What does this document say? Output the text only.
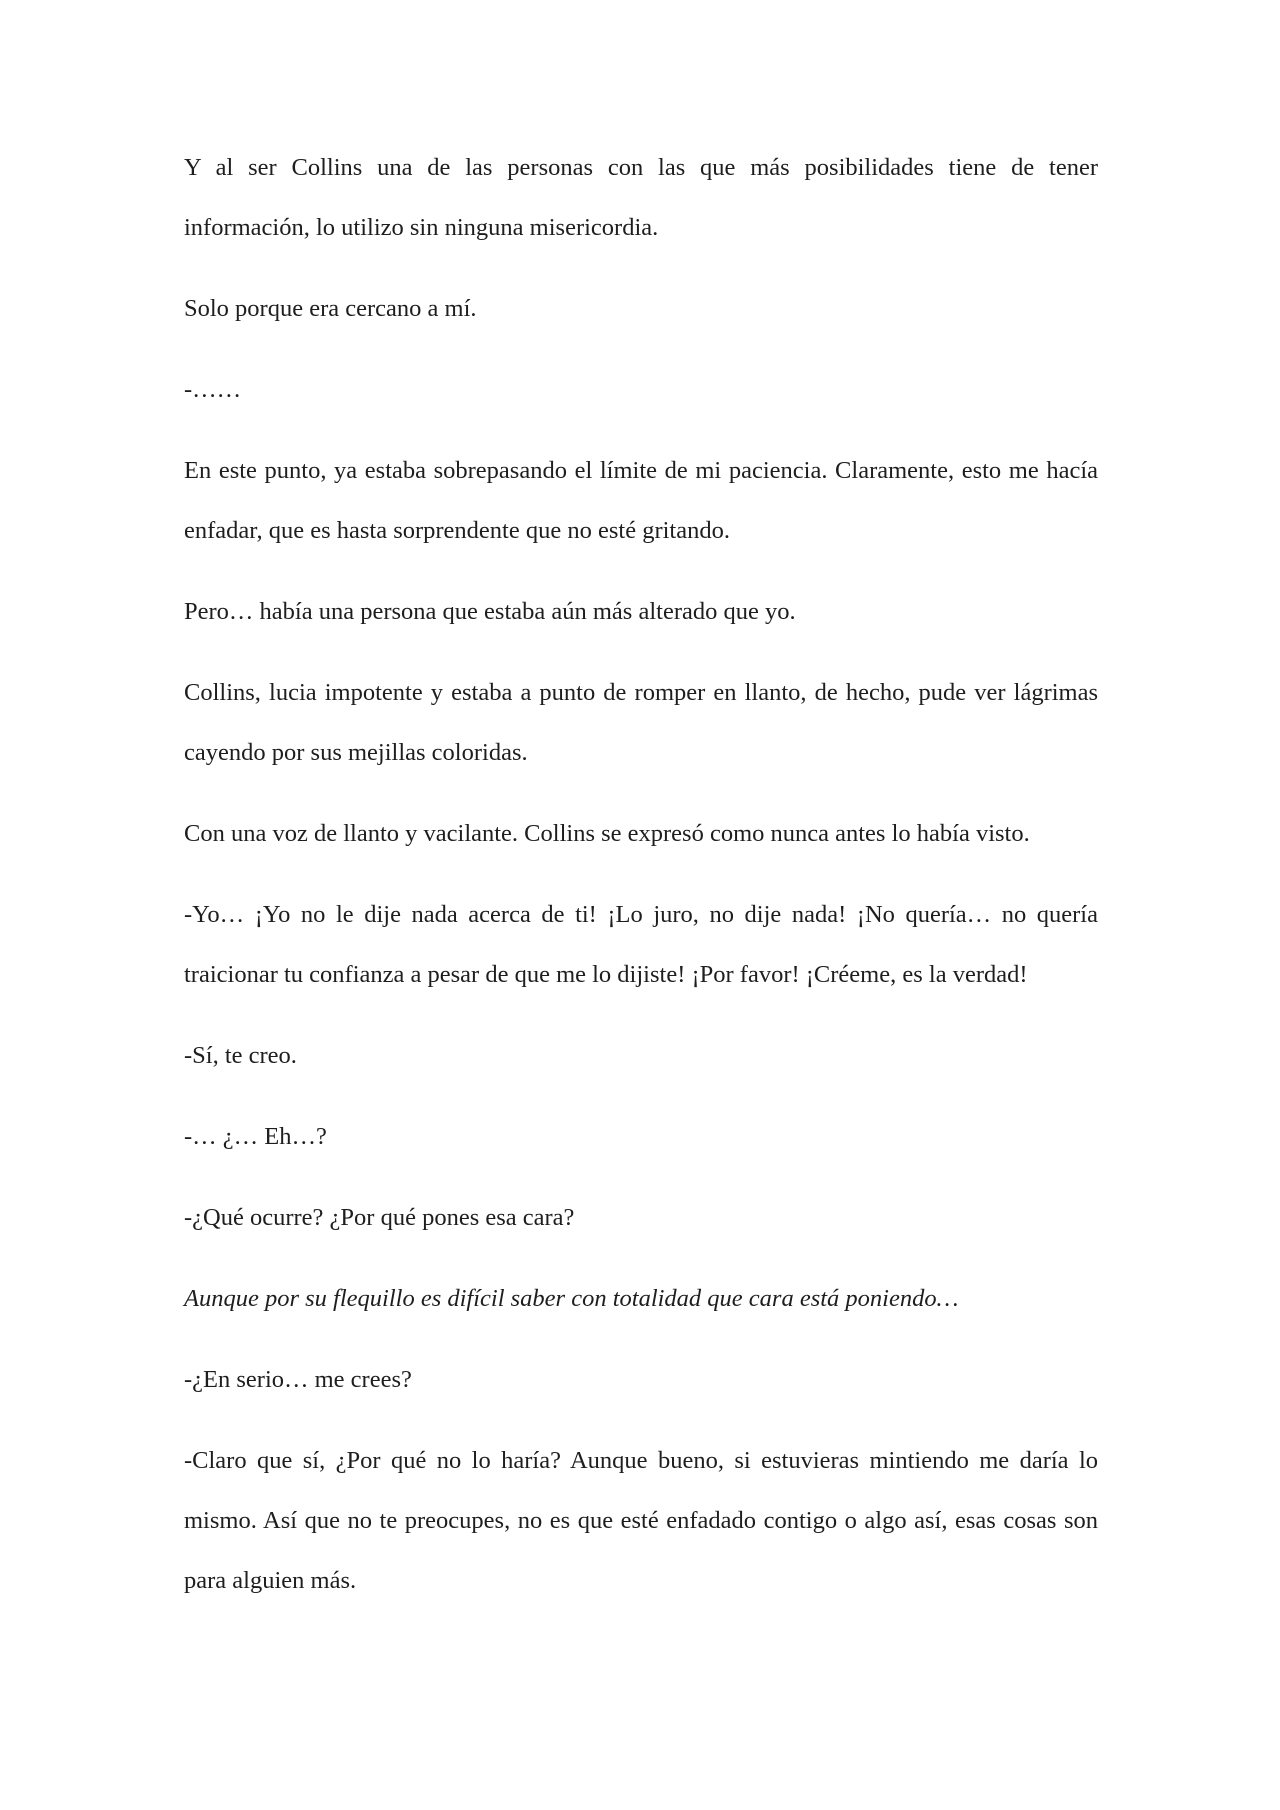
Y al ser Collins una de las personas con las que más posibilidades tiene de tener información, lo utilizo sin ninguna misericordia.

Solo porque era cercano a mí.

-……

En este punto, ya estaba sobrepasando el límite de mi paciencia. Claramente, esto me hacía enfadar, que es hasta sorprendente que no esté gritando.

Pero… había una persona que estaba aún más alterado que yo.

Collins, lucia impotente y estaba a punto de romper en llanto, de hecho, pude ver lágrimas cayendo por sus mejillas coloridas.

Con una voz de llanto y vacilante. Collins se expresó como nunca antes lo había visto.

-Yo… ¡Yo no le dije nada acerca de ti! ¡Lo juro, no dije nada! ¡No quería… no quería traicionar tu confianza a pesar de que me lo dijiste! ¡Por favor! ¡Créeme, es la verdad!

-Sí, te creo.

-… ¿… Eh…?

-¿Qué ocurre? ¿Por qué pones esa cara?

Aunque por su flequillo es difícil saber con totalidad que cara está poniendo…

-¿En serio… me crees?

-Claro que sí, ¿Por qué no lo haría? Aunque bueno, si estuvieras mintiendo me daría lo mismo. Así que no te preocupes, no es que esté enfadado contigo o algo así, esas cosas son para alguien más.
